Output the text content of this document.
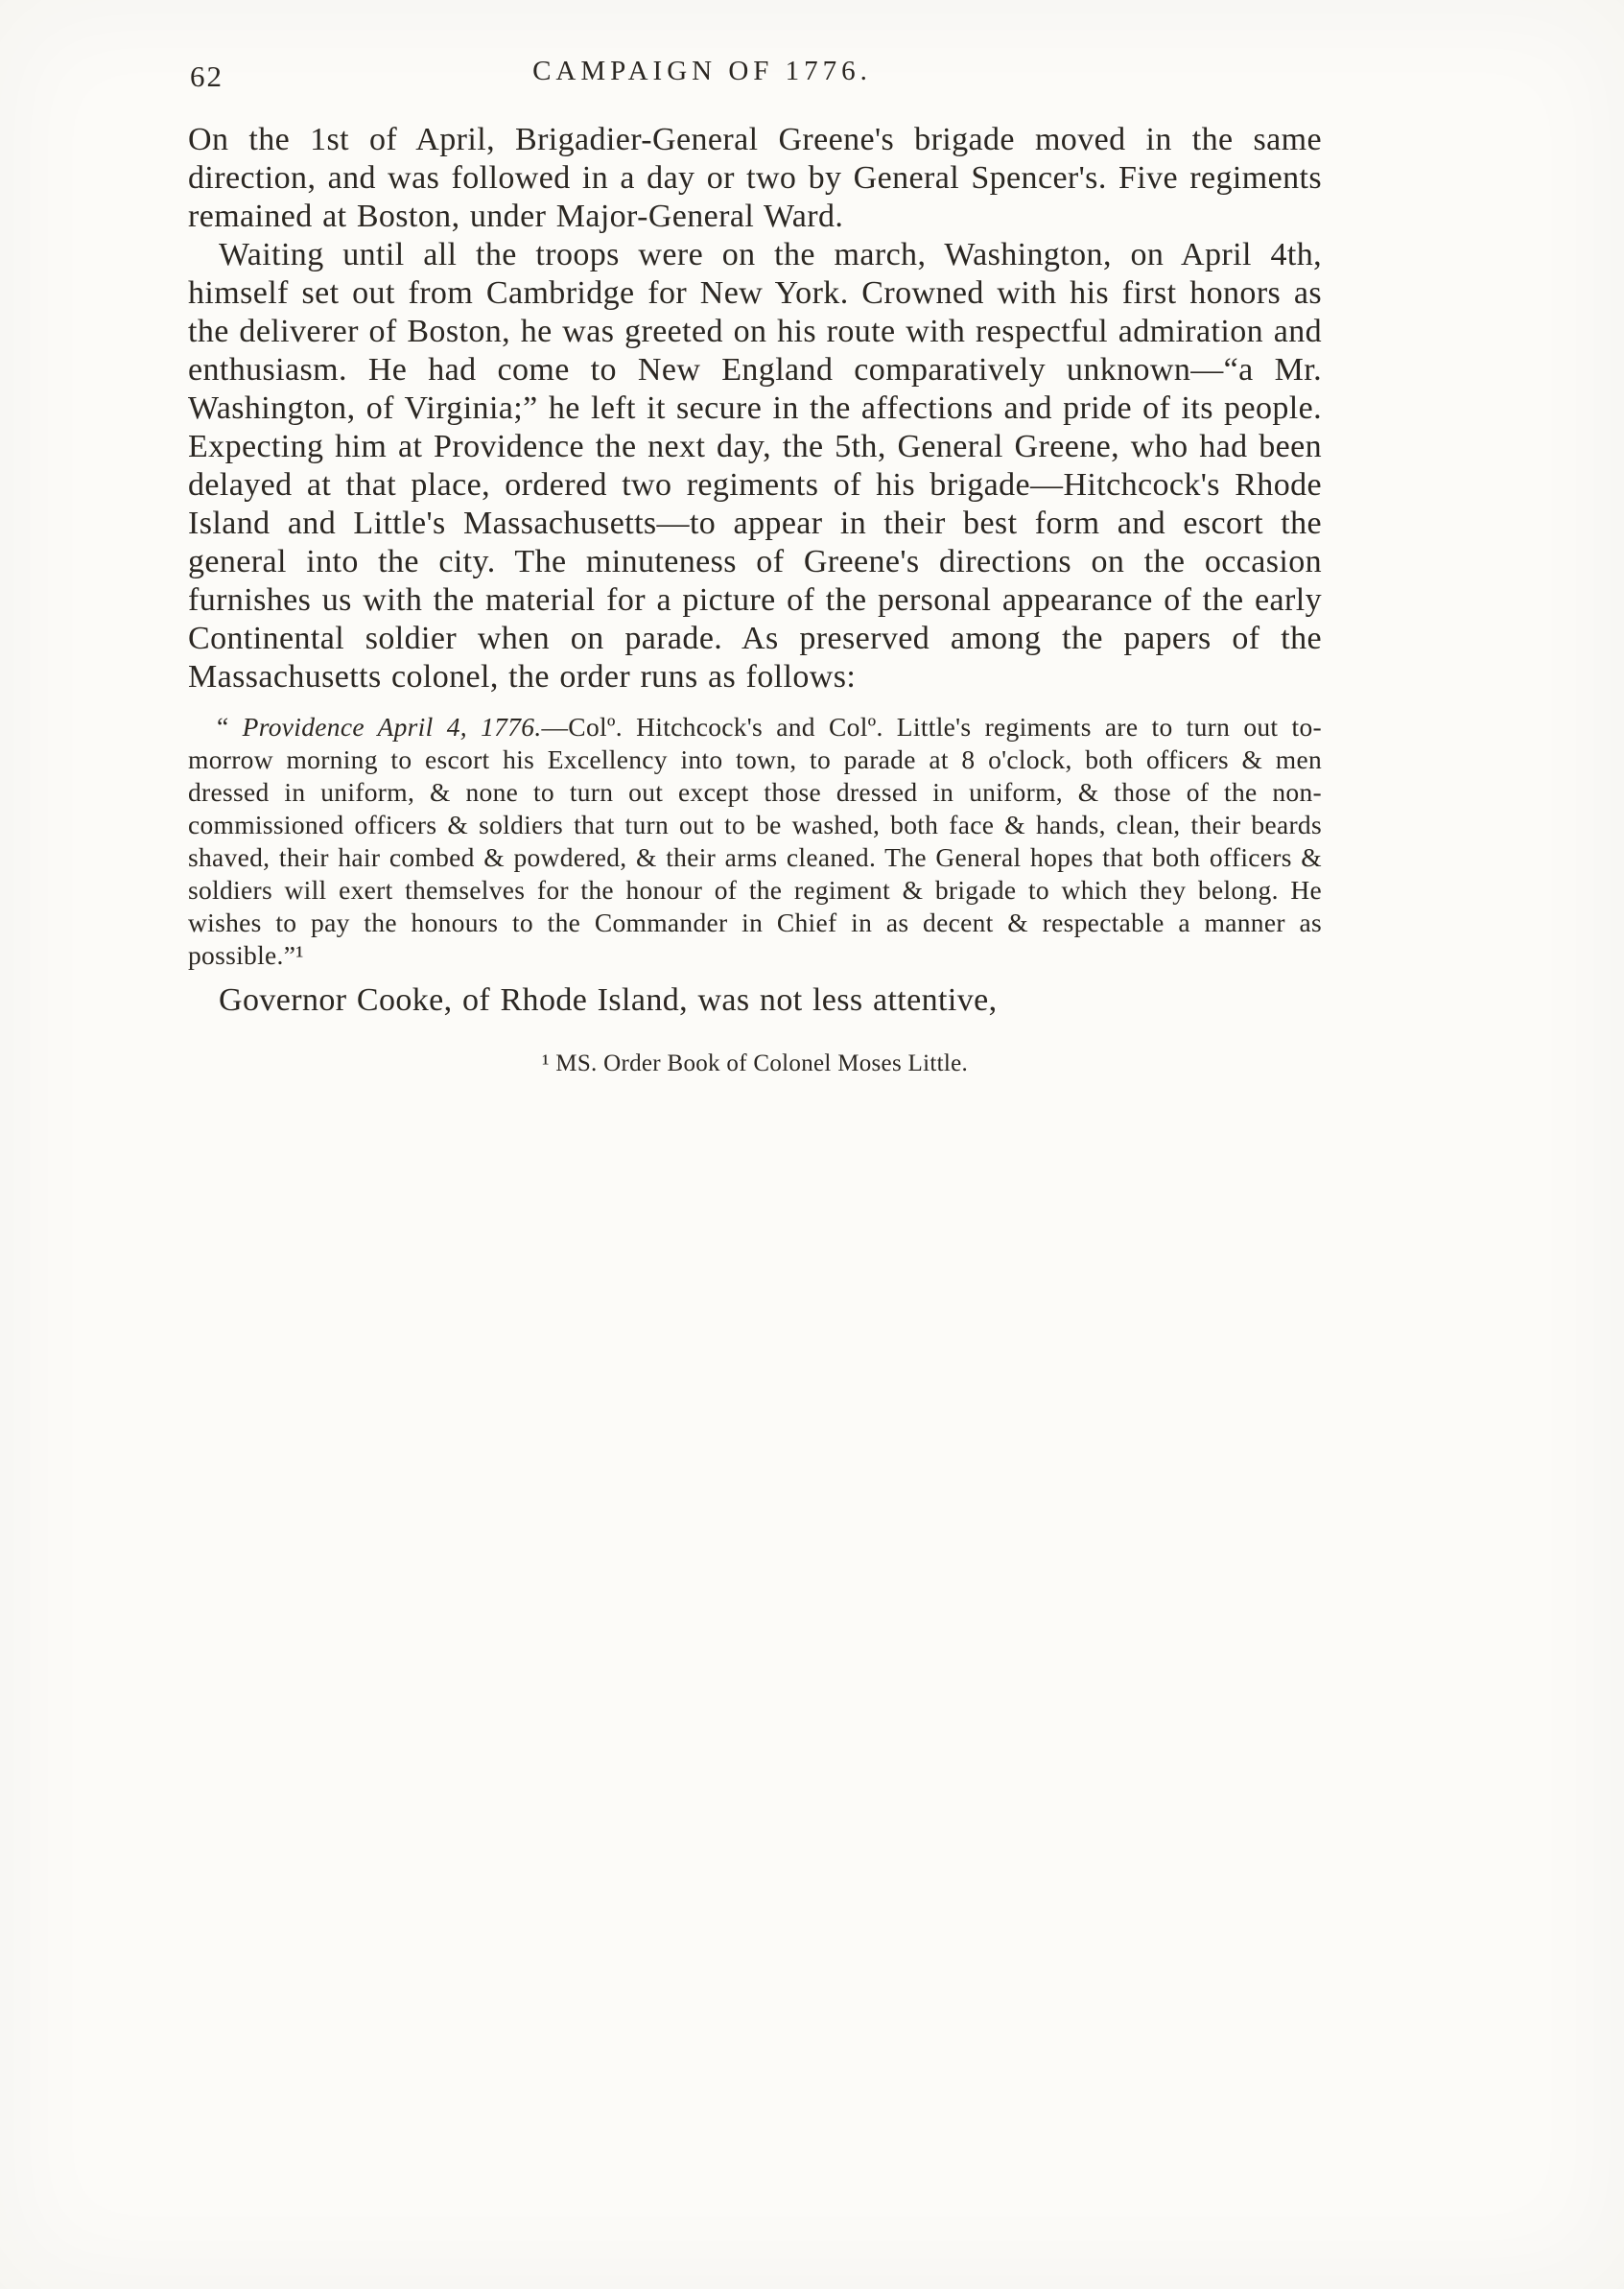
62	CAMPAIGN OF 1776.

On the 1st of April, Brigadier-General Greene's brigade moved in the same direction, and was followed in a day or two by General Spencer's. Five regiments remained at Boston, under Major-General Ward.

Waiting until all the troops were on the march, Washington, on April 4th, himself set out from Cambridge for New York. Crowned with his first honors as the deliverer of Boston, he was greeted on his route with respectful admiration and enthusiasm. He had come to New England comparatively unknown—“a Mr. Washington, of Virginia;” he left it secure in the affections and pride of its people. Expecting him at Providence the next day, the 5th, General Greene, who had been delayed at that place, ordered two regiments of his brigade—Hitchcock's Rhode Island and Little's Massachusetts—to appear in their best form and escort the general into the city. The minuteness of Greene's directions on the occasion furnishes us with the material for a picture of the personal appearance of the early Continental soldier when on parade. As preserved among the papers of the Massachusetts colonel, the order runs as follows:

“ Providence April 4, 1776.—Colº. Hitchcock's and Colº. Little's regiments are to turn out to-morrow morning to escort his Excellency into town, to parade at 8 o'clock, both officers & men dressed in uniform, & none to turn out except those dressed in uniform, & those of the non-commissioned officers & soldiers that turn out to be washed, both face & hands, clean, their beards shaved, their hair combed & powdered, & their arms cleaned. The General hopes that both officers & soldiers will exert themselves for the honour of the regiment & brigade to which they belong. He wishes to pay the honours to the Commander in Chief in as decent & respectable a manner as possible.”¹

Governor Cooke, of Rhode Island, was not less attentive,

¹ MS. Order Book of Colonel Moses Little.
